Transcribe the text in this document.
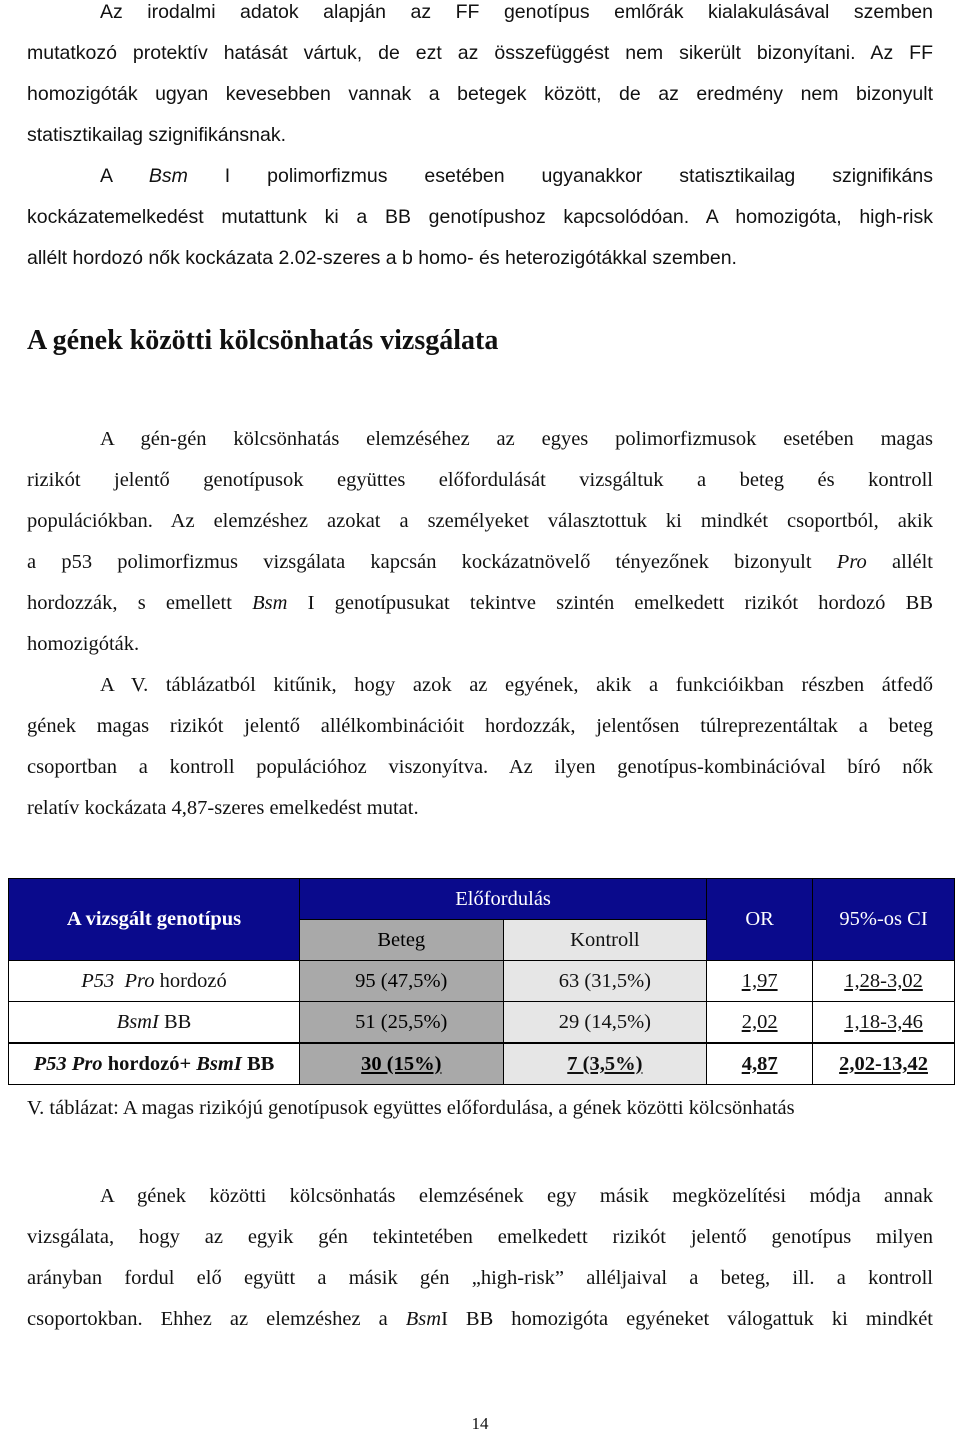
Az irodalmi adatok alapján az FF genotípus emlőrák kialakulásával szemben
mutatkozó protektív hatását vártuk, de ezt az összefüggést nem sikerült bizonyítani. Az FF
homozigóták ugyan kevesebben vannak a betegek között, de az eredmény nem bizonyult
statisztikailag szignifikánsnak.
A Bsm I polimorfizmus esetében ugyanakkor statisztikailag szignifikáns
kockázatemelkedést mutattunk ki a BB genotípushoz kapcsolódóan. A homozigóta, high-risk
allélt hordozó nők kockázata 2.02-szeres a b homo- és heterozigótákkal szemben.
A gének közötti kölcsönhatás vizsgálata
A gén-gén kölcsönhatás elemzéséhez az egyes polimorfizmusok esetében magas
rizikót jelentő genotípusok együttes előfordulását vizsgáltuk a beteg és kontroll
populációkban. Az elemzéshez azokat a személyeket választottuk ki mindkét csoportból, akik
a p53 polimorfizmus vizsgálata kapcsán kockázatnövelő tényezőnek bizonyult Pro allélt
hordozzák, s emellett Bsm I genotípusukat tekintve szintén emelkedett rizikót hordozó BB
homozigóták.
A V. táblázatból kitűnik, hogy azok az egyének, akik a funkcióikban részben átfedő
gének magas rizikót jelentő allélkombinációit hordozzák, jelentősen túlreprezentáltak a beteg
csoportban a kontroll populációhoz viszonyítva. Az ilyen genotípus-kombinációval bíró nők
relatív kockázata 4,87-szeres emelkedést mutat.
A vizsgált genotípus	Előfordulás		OR	95%-os CI
	Beteg	Kontroll		
P53 Pro hordozó	95 (47,5%)	63 (31,5%)	1,97	1,28-3,02
BsmI BB	51 (25,5%)	29 (14,5%)	2,02	1,18-3,46
P53 Pro hordozó+ BsmI BB	30 (15%)	7 (3,5%)	4,87	2,02-13,42
V. táblázat: A magas rizikójú genotípusok együttes előfordulása, a gének közötti kölcsönhatás
A gének közötti kölcsönhatás elemzésének egy másik megközelítési módja annak
vizsgálata, hogy az egyik gén tekintetében emelkedett rizikót jelentő genotípus milyen
arányban fordul elő együtt a másik gén „high-risk” alléljaival a beteg, ill. a kontroll
csoportokban. Ehhez az elemzéshez a BsmI BB homozigóta egyéneket válogattuk ki mindkét
14
